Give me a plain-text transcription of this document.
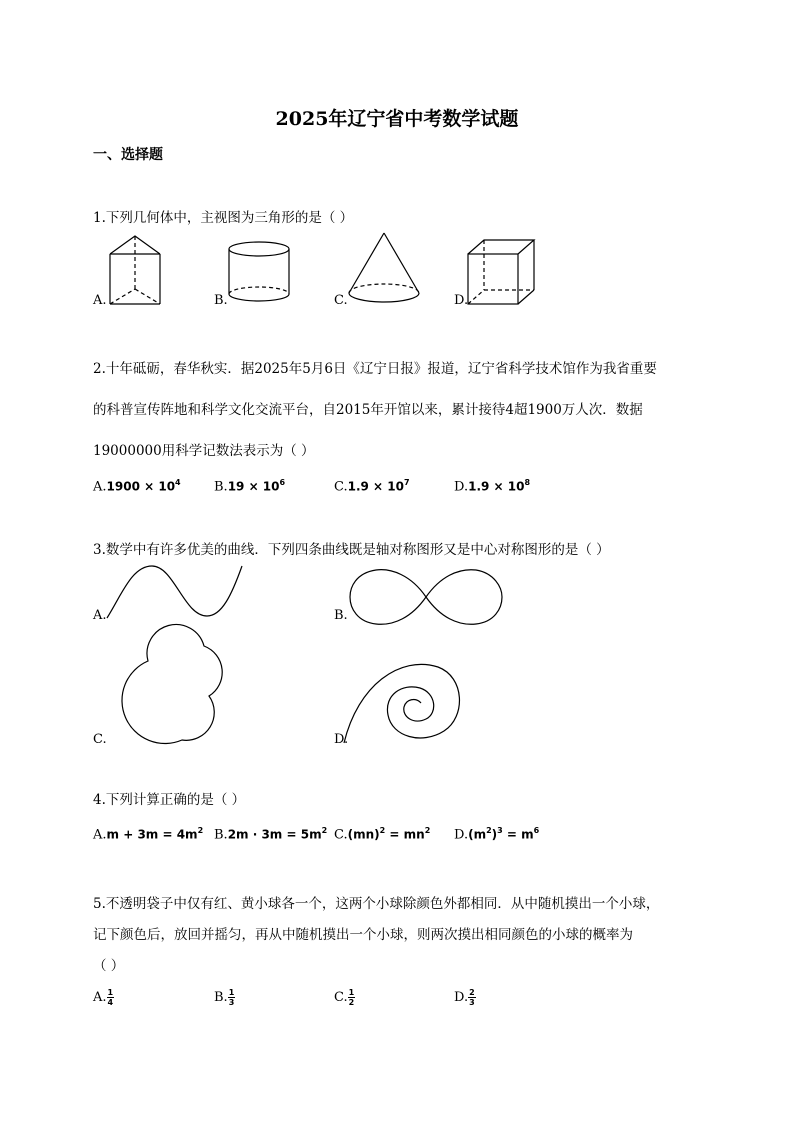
2025年辽宁省中考数学试题
一、选择题
1.下列几何体中，主视图为三角形的是（ ）
A.	B.	C.	D.
2.十年砥砺，春华秋实．据2025年5月6日《辽宁日报》报道，辽宁省科学技术馆作为我省重要
的科普宣传阵地和科学文化交流平台，自2015年开馆以来，累计接待4超1900万人次．数据
19000000用科学记数法表示为（ ）
$A.1900 \times 10^4$	$B.19 \times 10^6$	$C.1.9 \times 10^7$	$D.1.9 \times 10^8$
3.数学中有许多优美的曲线．下列四条曲线既是轴对称图形又是中心对称图形的是（ ）
A.	B.
C.	D.
4.下列计算正确的是（ ）
$A.m + 3m = 4m^2$ $B.2m \cdot 3m = 5m^2$ $C.(mn)^2 = mn^2$ $D.(m^2)^3 = m^6$
5.不透明袋子中仅有红、黄小球各一个，这两个小球除颜色外都相同．从中随机摸出一个小球，
记下颜色后，放回并摇匀，再从中随机摸出一个小球，则两次摸出相同颜色的小球的概率为
（ ）
A. $\frac{1}{4}$	B. $\frac{1}{3}$	C. $\frac{1}{2}$	D. $\frac{2}{3}$
